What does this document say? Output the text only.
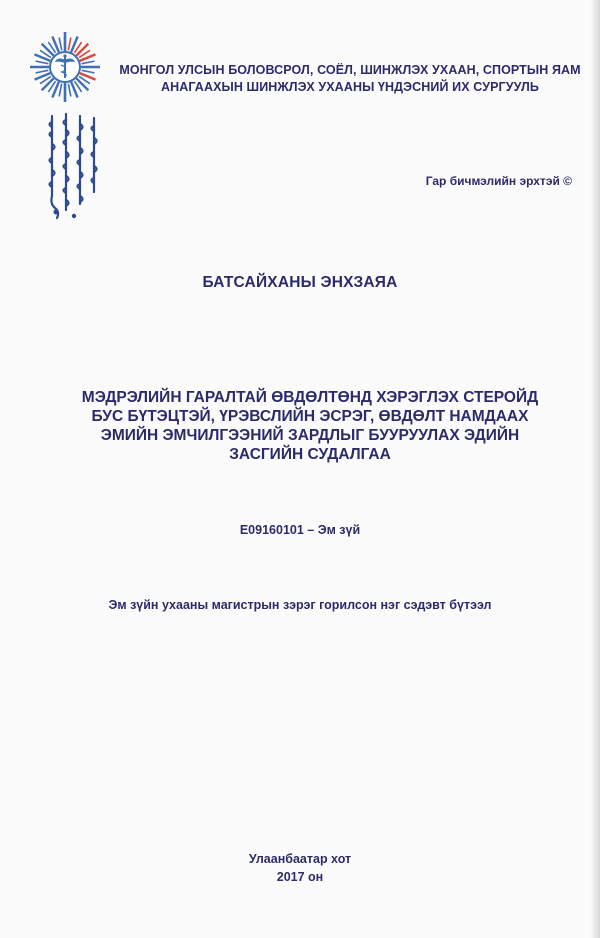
МОНГОЛ УЛСЫН БОЛОВСРОЛ, СОЁЛ, ШИНЖЛЭХ УХААН, СПОРТЫН ЯАМ
АНАГААХЫН ШИНЖЛЭХ УХААНЫ ҮНДЭСНИЙ ИХ СУРГУУЛЬ
Гар бичмэлийн эрхтэй ©
БАТСАЙХАНЫ ЭНХЗАЯА
МЭДРЭЛИЙН ГАРАЛТАЙ ӨВДӨЛТӨНД ХЭРЭГЛЭХ СТЕРОЙД
БУС БҮТЭЦТЭЙ, ҮРЭВСЛИЙН ЭСРЭГ, ӨВДӨЛТ НАМДААХ
ЭМИЙН ЭМЧИЛГЭЭНИЙ ЗАРДЛЫГ БУУРУУЛАХ ЭДИЙН
ЗАСГИЙН СУДАЛГАА
E09160101 – Эм зүй
Эм зүйн ухааны магистрын зэрэг горилсон нэг сэдэвт бүтээл
Улаанбаатар хот
2017 он
